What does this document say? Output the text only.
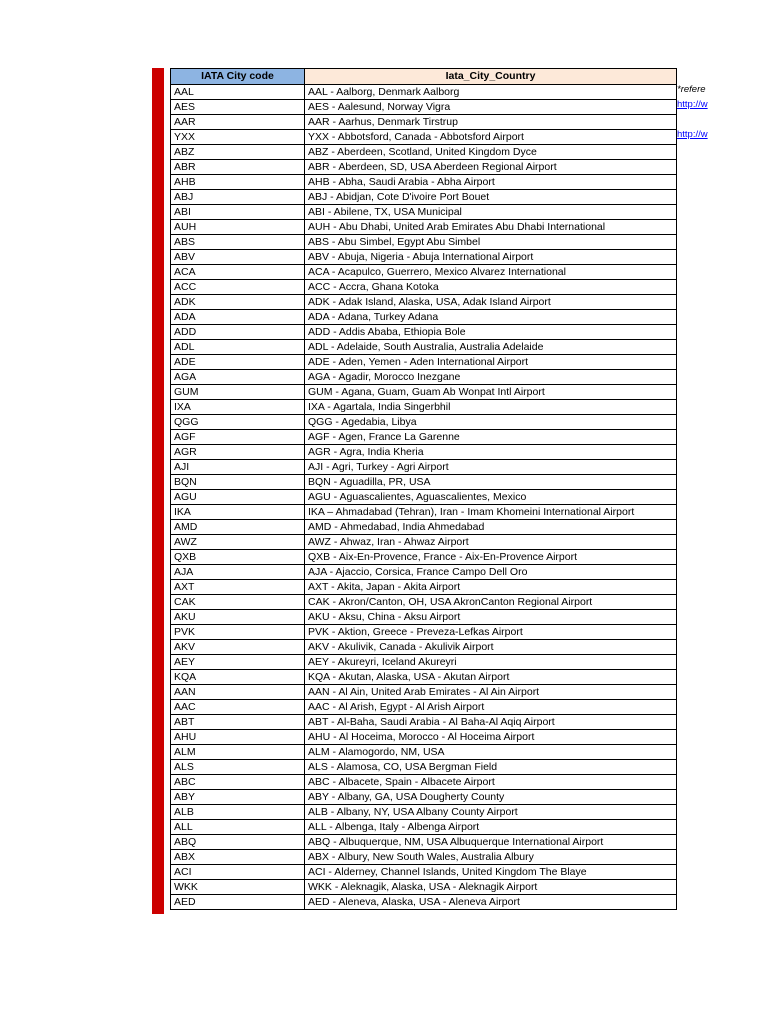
IATA City code	Iata_City_Country
AAL	AAL - Aalborg, Denmark Aalborg
AES	AES - Aalesund, Norway Vigra
AAR	AAR - Aarhus, Denmark Tirstrup
YXX	YXX - Abbotsford, Canada - Abbotsford Airport
ABZ	ABZ - Aberdeen, Scotland, United Kingdom Dyce
ABR	ABR - Aberdeen, SD, USA Aberdeen Regional Airport
AHB	AHB - Abha, Saudi Arabia - Abha Airport
ABJ	ABJ - Abidjan, Cote D'ivoire Port Bouet
ABI	ABI - Abilene, TX, USA Municipal
AUH	AUH - Abu Dhabi, United Arab Emirates Abu Dhabi International
ABS	ABS - Abu Simbel, Egypt Abu Simbel
ABV	ABV - Abuja, Nigeria - Abuja International Airport
ACA	ACA - Acapulco, Guerrero, Mexico Alvarez International
ACC	ACC - Accra, Ghana Kotoka
ADK	ADK - Adak Island, Alaska, USA, Adak Island Airport
ADA	ADA - Adana, Turkey Adana
ADD	ADD - Addis Ababa, Ethiopia Bole
ADL	ADL - Adelaide, South Australia, Australia Adelaide
ADE	ADE - Aden, Yemen - Aden International Airport
AGA	AGA - Agadir, Morocco Inezgane
GUM	GUM - Agana, Guam, Guam Ab Wonpat Intl Airport
IXA	IXA - Agartala, India Singerbhil
QGG	QGG - Agedabia, Libya
AGF	AGF - Agen, France La Garenne
AGR	AGR - Agra, India Kheria
AJI	AJI - Agri, Turkey - Agri Airport
BQN	BQN - Aguadilla, PR, USA
AGU	AGU - Aguascalientes, Aguascalientes, Mexico
IKA	IKA – Ahmadabad (Tehran), Iran - Imam Khomeini International Airport
AMD	AMD - Ahmedabad, India Ahmedabad
AWZ	AWZ - Ahwaz, Iran - Ahwaz Airport
QXB	QXB - Aix-En-Provence, France - Aix-En-Provence Airport
AJA	AJA - Ajaccio, Corsica, France Campo Dell Oro
AXT	AXT - Akita, Japan - Akita Airport
CAK	CAK - Akron/Canton, OH, USA AkronCanton Regional Airport
AKU	AKU - Aksu, China - Aksu Airport
PVK	PVK - Aktion, Greece - Preveza-Lefkas Airport
AKV	AKV - Akulivik, Canada - Akulivik Airport
AEY	AEY - Akureyri, Iceland Akureyri
KQA	KQA - Akutan, Alaska, USA - Akutan Airport
AAN	AAN - Al Ain, United Arab Emirates - Al Ain Airport
AAC	AAC - Al Arish, Egypt - Al Arish Airport
ABT	ABT - Al-Baha, Saudi Arabia - Al Baha-Al Aqiq Airport
AHU	AHU - Al Hoceima, Morocco - Al Hoceima Airport
ALM	ALM - Alamogordo, NM, USA
ALS	ALS - Alamosa, CO, USA Bergman Field
ABC	ABC - Albacete, Spain - Albacete Airport
ABY	ABY - Albany, GA, USA Dougherty County
ALB	ALB - Albany, NY, USA Albany County Airport
ALL	ALL - Albenga, Italy - Albenga Airport
ABQ	ABQ - Albuquerque, NM, USA Albuquerque International Airport
ABX	ABX - Albury, New South Wales, Australia Albury
ACI	ACI - Alderney, Channel Islands, United Kingdom The Blaye
WKK	WKK - Aleknagik, Alaska, USA - Aleknagik Airport
AED	AED - Aleneva, Alaska, USA - Aleneva Airport
*refere
http://w
http://w
